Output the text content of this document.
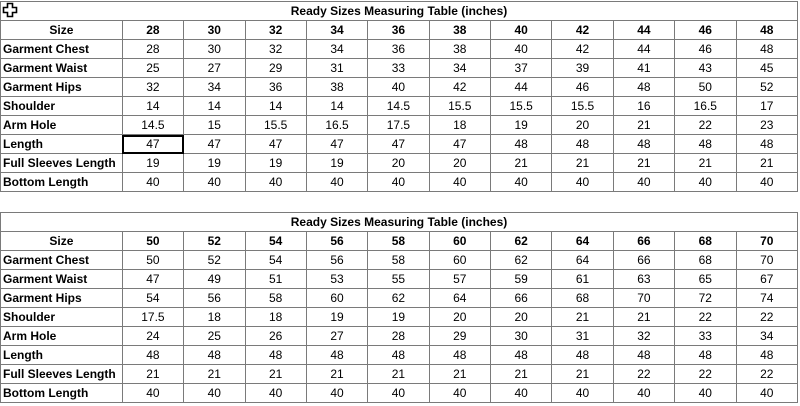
Ready Sizes Measuring Table (inches)											
Size	28	30	32	34	36	38	40	42	44	46	48
Garment Chest	28	30	32	34	36	38	40	42	44	46	48
Garment Waist	25	27	29	31	33	34	37	39	41	43	45
Garment Hips	32	34	36	38	40	42	44	46	48	50	52
Shoulder	14	14	14	14	14.5	15.5	15.5	15.5	16	16.5	17
Arm Hole	14.5	15	15.5	16.5	17.5	18	19	20	21	22	23
Length	47	47	47	47	47	47	48	48	48	48	48
Full Sleeves Length	19	19	19	19	20	20	21	21	21	21	21
Bottom Length	40	40	40	40	40	40	40	40	40	40	40
Ready Sizes Measuring Table (inches)											
Size	50	52	54	56	58	60	62	64	66	68	70
Garment Chest	50	52	54	56	58	60	62	64	66	68	70
Garment Waist	47	49	51	53	55	57	59	61	63	65	67
Garment Hips	54	56	58	60	62	64	66	68	70	72	74
Shoulder	17.5	18	18	19	19	20	20	21	21	22	22
Arm Hole	24	25	26	27	28	29	30	31	32	33	34
Length	48	48	48	48	48	48	48	48	48	48	48
Full Sleeves Length	21	21	21	21	21	21	21	21	22	22	22
Bottom Length	40	40	40	40	40	40	40	40	40	40	40
